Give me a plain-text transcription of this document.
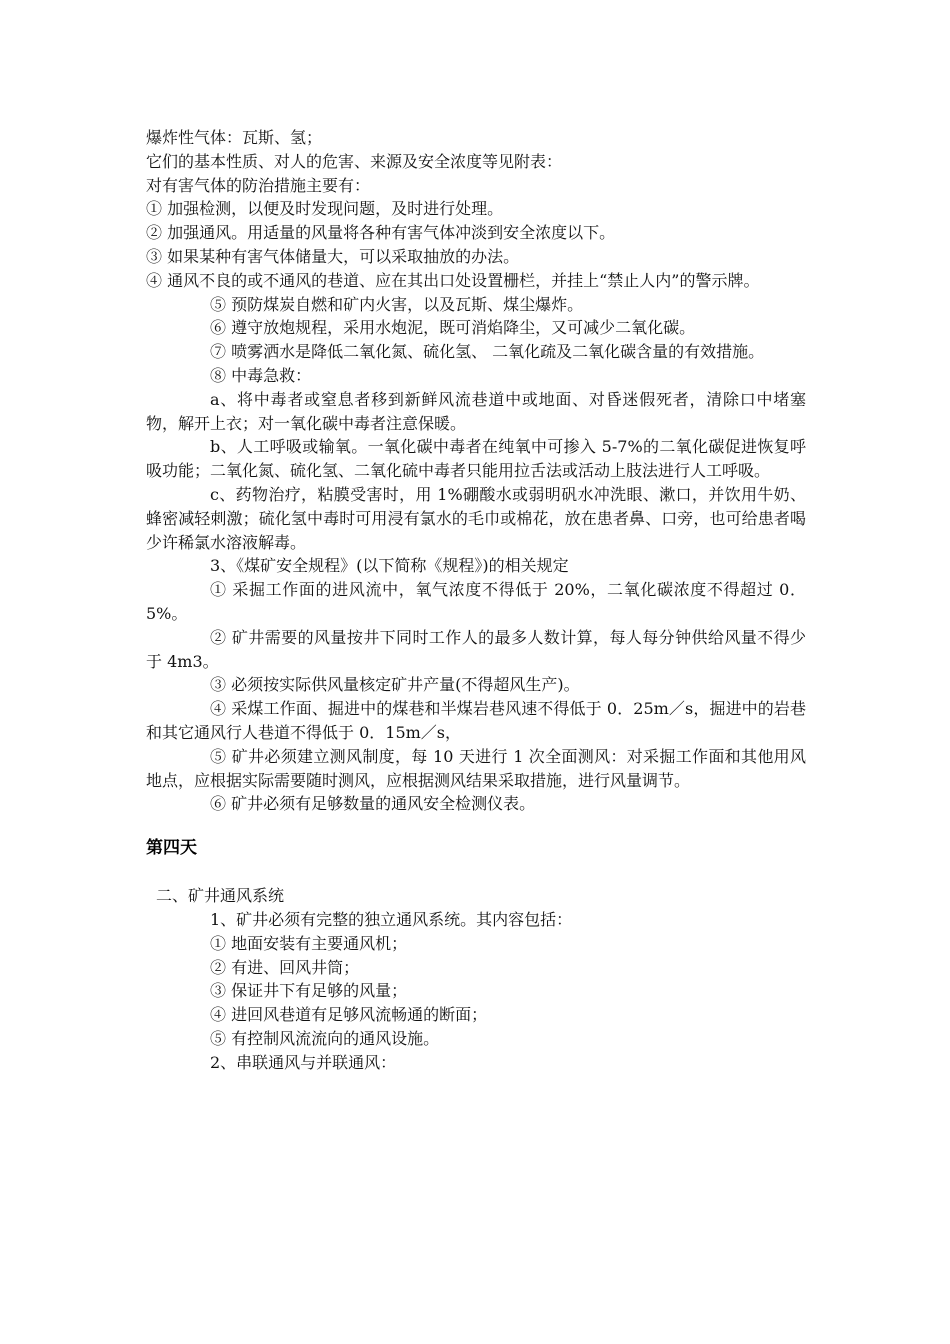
爆炸性气体：瓦斯、氢；

它们的基本性质、对人的危害、来源及安全浓度等见附表：

对有害气体的防治措施主要有：

① 加强检测，以便及时发现问题，及时进行处理。

② 加强通风。用适量的风量将各种有害气体冲淡到安全浓度以下。

③ 如果某种有害气体储量大，可以采取抽放的办法。

④ 通风不良的或不通风的巷道、应在其出口处设置栅栏，并挂上“禁止人内”的警示牌。

⑤ 预防煤炭自燃和矿内火害，以及瓦斯、煤尘爆炸。

⑥ 遵守放炮规程，采用水炮泥，既可消焰降尘，又可减少二氧化碳。

⑦ 喷雾洒水是降低二氧化氮、硫化氢、 二氧化疏及二氧化碳含量的有效措施。

⑧ 中毒急救：

a、将中毒者或窒息者移到新鲜风流巷道中或地面、对昏迷假死者，清除口中堵塞物，解开上衣；对一氧化碳中毒者注意保暖。

b、人工呼吸或输氧。一氧化碳中毒者在纯氧中可掺入 5-7%的二氧化碳促进恢复呼吸功能；二氧化氮、硫化氢、二氧化硫中毒者只能用拉舌法或活动上肢法进行人工呼吸。

c、药物治疗，粘膜受害时，用 1%硼酸水或弱明矾水冲洗眼、漱口，并饮用牛奶、蜂密减轻刺激；硫化氢中毒时可用浸有氯水的毛巾或棉花，放在患者鼻、口旁，也可给患者喝少许稀氯水溶液解毒。

3、《煤矿安全规程》(以下简称《规程》)的相关规定

① 采掘工作面的进风流中，氧气浓度不得低于 20%，二氧化碳浓度不得超过 0．5%。

② 矿井需要的风量按井下同时工作人的最多人数计算，每人每分钟供给风量不得少于 4m3。

③ 必须按实际供风量核定矿井产量(不得超风生产)。

④ 采煤工作面、掘进中的煤巷和半煤岩巷风速不得低于 0．25m／s，掘进中的岩巷和其它通风行人巷道不得低于 0．15m／s，

⑤ 矿井必须建立测风制度，每 10 天进行 1 次全面测风：对采掘工作面和其他用风地点，应根据实际需要随时测风，应根据测风结果采取措施，进行风量调节。

⑥ 矿井必须有足够数量的通风安全检测仪表。

第四天

二、矿井通风系统

1、矿井必须有完整的独立通风系统。其内容包括：

① 地面安装有主要通风机；

② 有进、回风井筒；

③ 保证井下有足够的风量；

④ 进回风巷道有足够风流畅通的断面；

⑤ 有控制风流流向的通风设施。

2、串联通风与并联通风：
